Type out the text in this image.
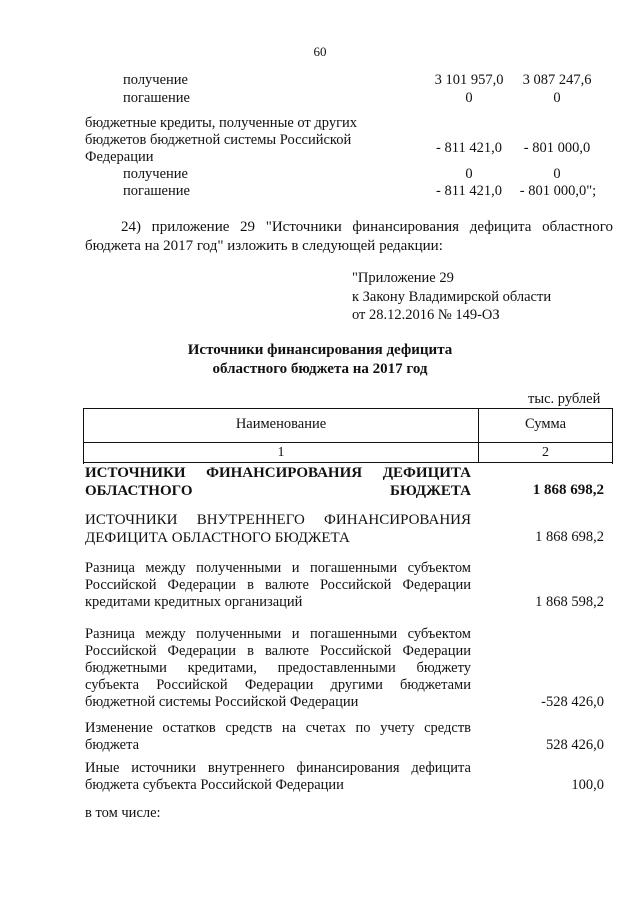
60
получение	3 101 957,0	3 087 247,6
погашение	0	0
бюджетные кредиты, полученные от других
бюджетов бюджетной системы Российской
Федерации
- 811 421,0	- 801 000,0
получение	0	0
погашение	- 811 421,0	- 801 000,0";
24) приложение 29 "Источники финансирования дефицита областного бюджета на 2017 год" изложить в следующей редакции:
"Приложение 29
к Закону Владимирской области
от 28.12.2016 № 149-ОЗ
Источники финансирования дефицита
областного бюджета на 2017 год
тыс. рублей
Наименование	Сумма
1	2
ИСТОЧНИКИ ФИНАНСИРОВАНИЯ ДЕФИЦИТА ОБЛАСТНОГО БЮДЖЕТА	1 868 698,2
ИСТОЧНИКИ ВНУТРЕННЕГО ФИНАНСИРОВАНИЯ ДЕФИЦИТА ОБЛАСТНОГО БЮДЖЕТА	1 868 698,2
Разница между полученными и погашенными субъектом Российской Федерации в валюте Российской Федерации кредитами кредитных организаций	1 868 598,2
Разница между полученными и погашенными субъектом Российской Федерации в валюте Российской Федерации бюджетными кредитами, предоставленными бюджету субъекта Российской Федерации другими бюджетами бюджетной системы Российской Федерации	-528 426,0
Изменение остатков средств на счетах по учету средств бюджета	528 426,0
Иные источники внутреннего финансирования дефицита бюджета субъекта Российской Федерации	100,0
в том числе:
